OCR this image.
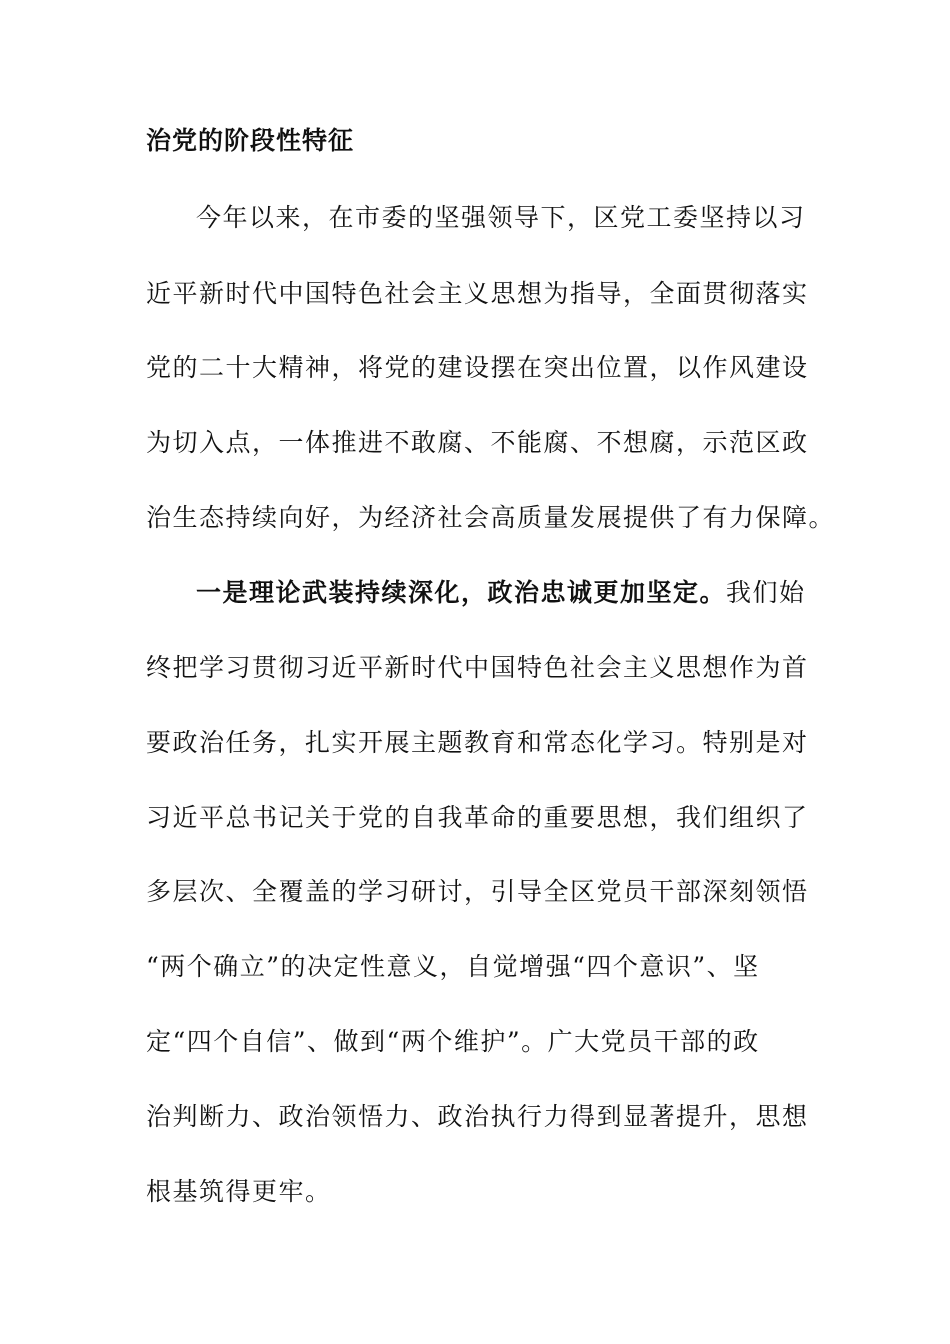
治党的阶段性特征
今年以来，在市委的坚强领导下，区党工委坚持以习
近平新时代中国特色社会主义思想为指导，全面贯彻落实
党的二十大精神，将党的建设摆在突出位置，以作风建设
为切入点，一体推进不敢腐、不能腐、不想腐，示范区政
治生态持续向好，为经济社会高质量发展提供了有力保障。
一是理论武装持续深化，政治忠诚更加坚定。我们始
终把学习贯彻习近平新时代中国特色社会主义思想作为首
要政治任务，扎实开展主题教育和常态化学习。特别是对
习近平总书记关于党的自我革命的重要思想，我们组织了
多层次、全覆盖的学习研讨，引导全区党员干部深刻领悟
“两个确立”的决定性意义，自觉增强“四个意识”、坚
定“四个自信”、做到“两个维护”。广大党员干部的政
治判断力、政治领悟力、政治执行力得到显著提升，思想
根基筑得更牢。
